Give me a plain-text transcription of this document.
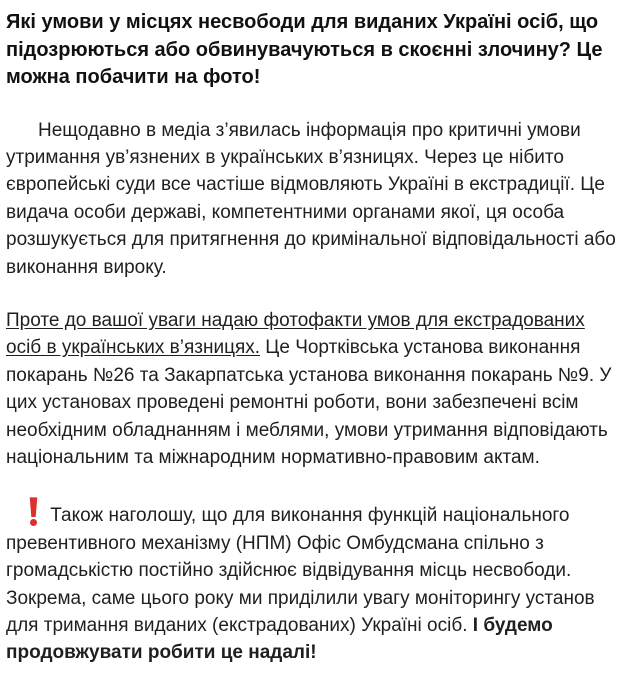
Які умови у місцях несвободи для виданих Україні осіб, що підозрюються або обвинувачуються в скоєнні злочину? Це можна побачити на фото!

Нещодавно в медіа з’явилась інформація про критичні умови утримання ув’язнених в українських в’язницях. Через це нібито європейські суди все частіше відмовляють Україні в екстрадиції. Це видача особи державі, компетентними органами якої, ця особа розшукується для притягнення до кримінальної відповідальності або виконання вироку.

Проте до вашої уваги надаю фотофакти умов для екстрадованих осіб в українських в’язницях. Це Чортківська установа виконання покарань №26 та Закарпатська установа виконання покарань №9. У цих установах проведені ремонтні роботи, вони забезпечені всім необхідним обладнанням і меблями, умови утримання відповідають національним та міжнародним нормативно-правовим актам.

Також наголошу, що для виконання функцій національного превентивного механізму (НПМ) Офіс Омбудсмана спільно з громадськістю постійно здійснює відвідування місць несвободи. Зокрема, саме цього року ми приділили увагу моніторингу установ для тримання виданих (екстрадованих) Україні осіб. І будемо продовжувати робити це надалі!
